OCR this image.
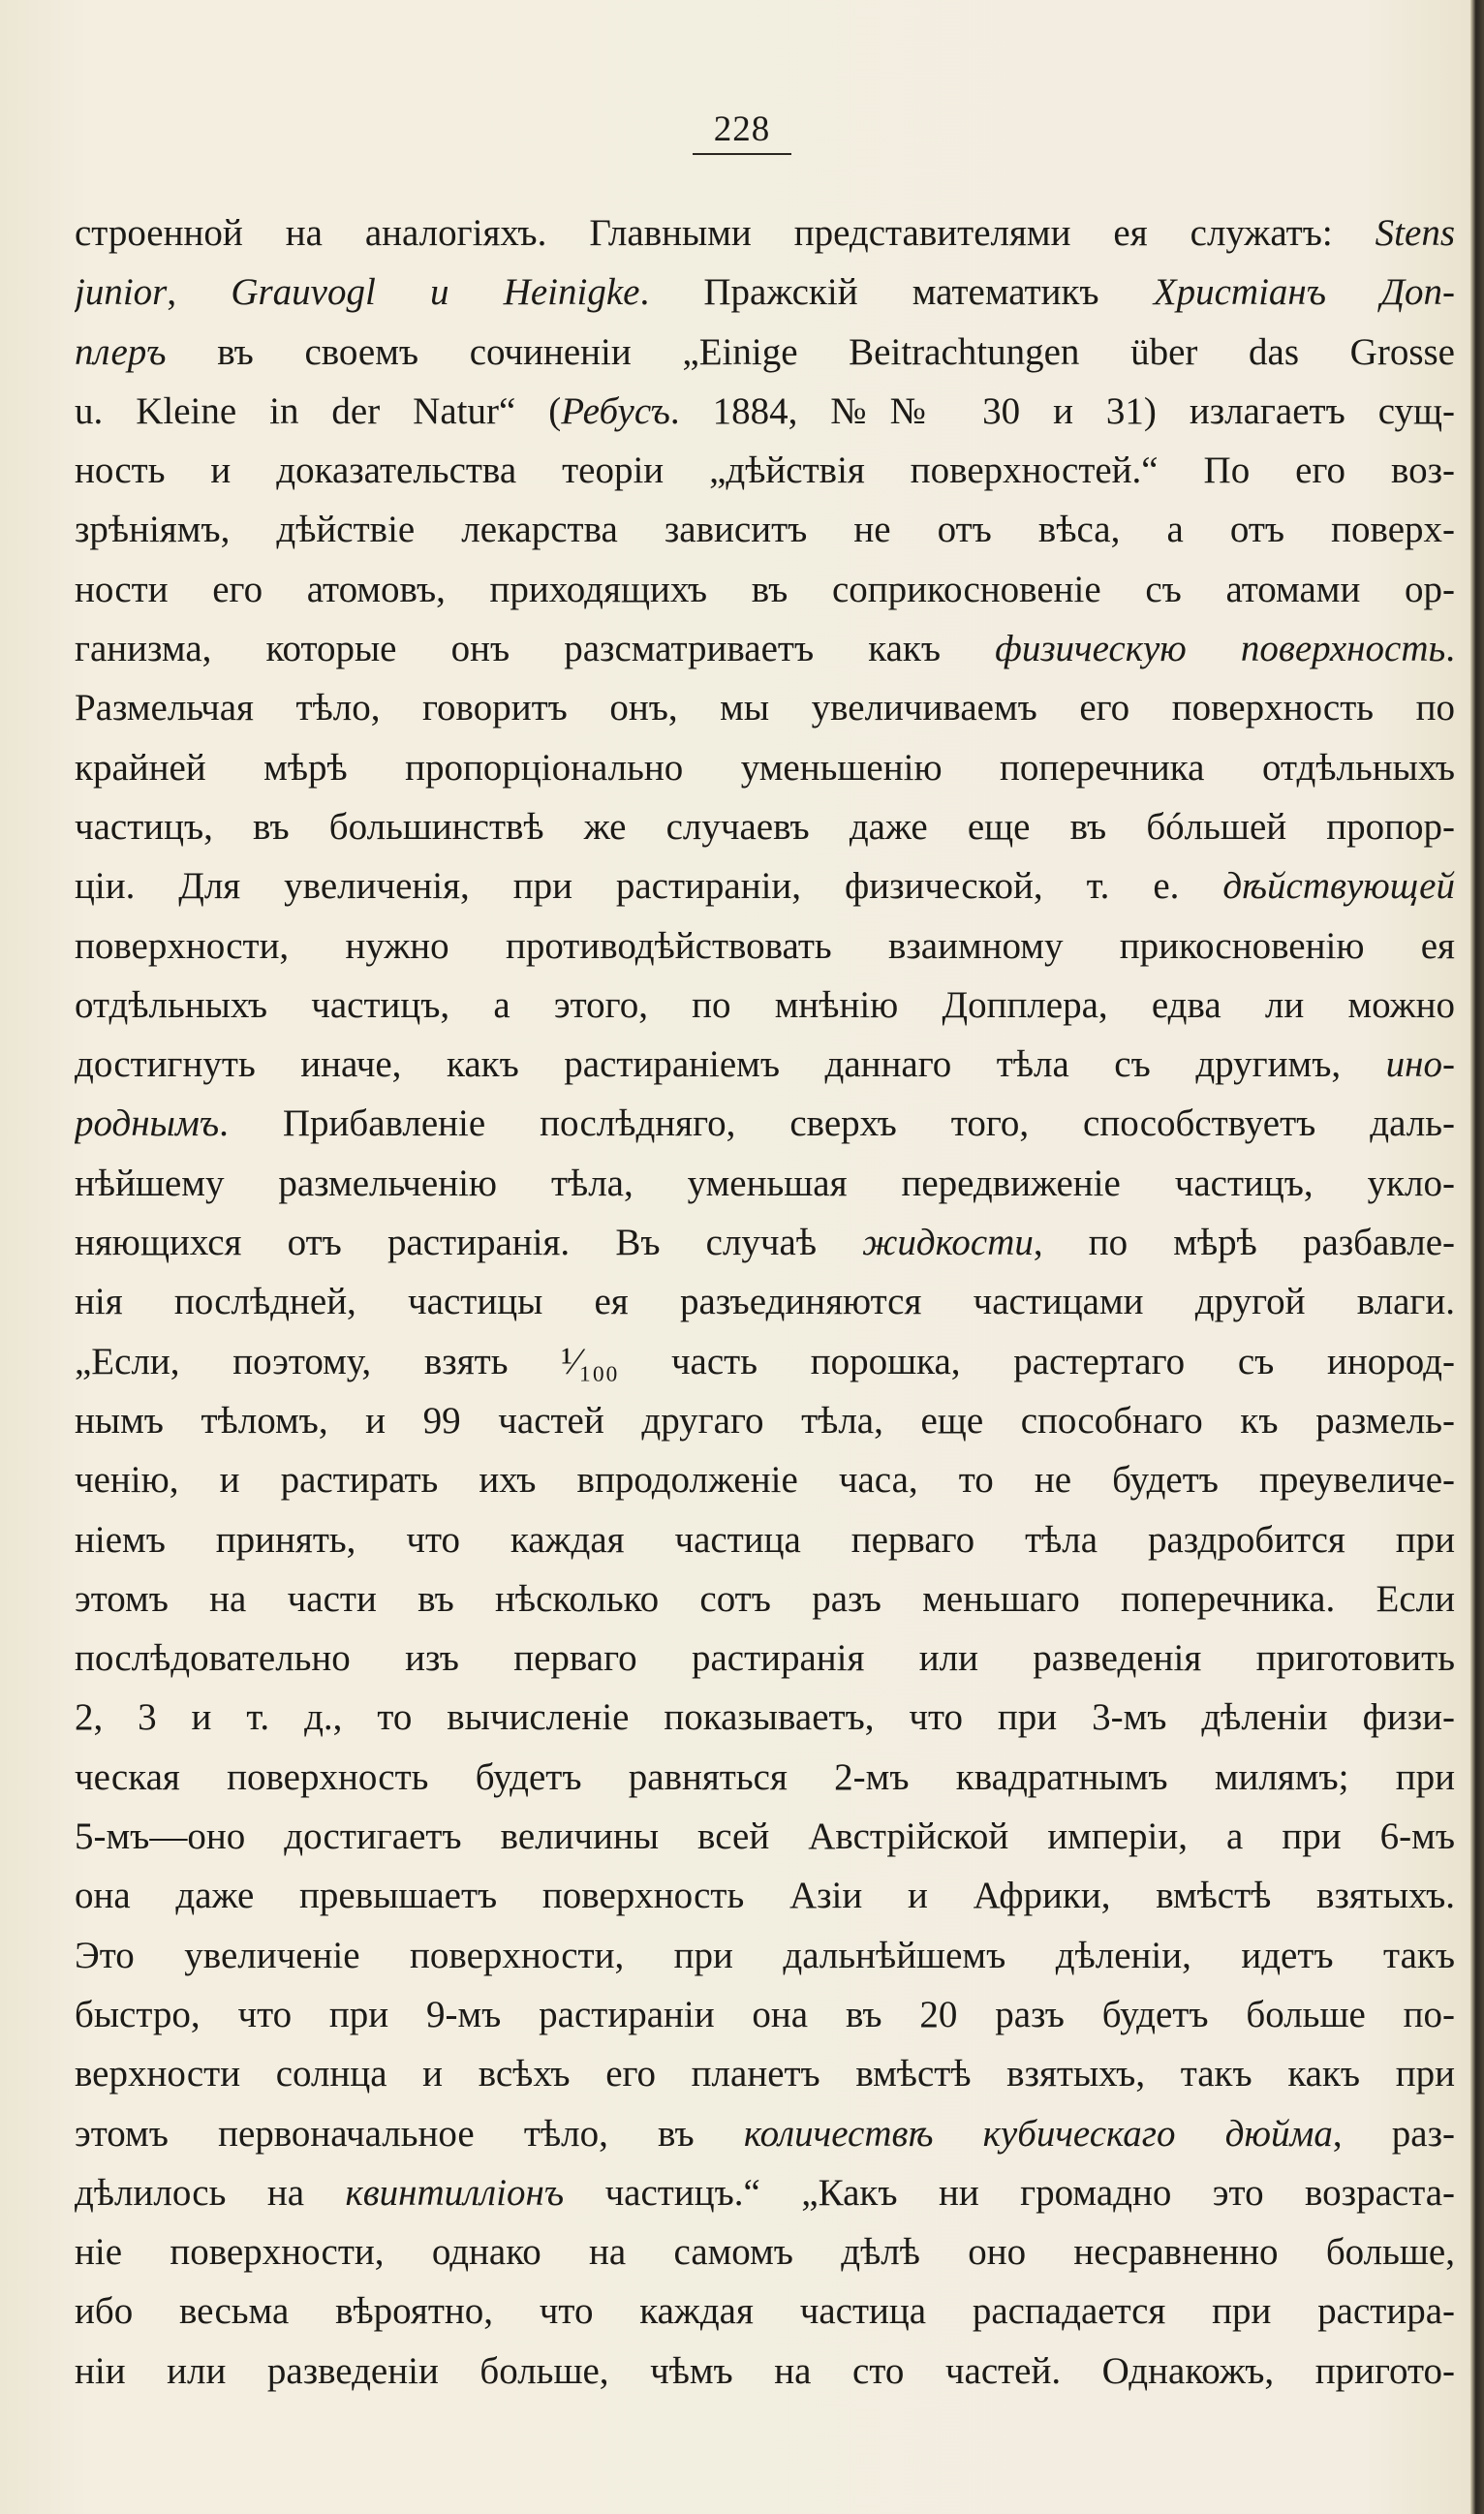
228
строенной на аналогіяхъ. Главными представителями ея служатъ: Stens
junior, Grauvogl и Heinigke. Пражскій математикъ Христіанъ Доп-
плеръ въ своемъ сочиненіи „Einige Beitrachtungen über das Grosse
u. Kleine in der Natur“ (Ребусъ. 1884, №№ 30 и 31) излагаетъ сущ-
ность и доказательства теоріи „дѣйствія поверхностей.“ По его воз-
зрѣніямъ, дѣйствіе лекарства зависитъ не отъ вѣса, а отъ поверх-
ности его атомовъ, приходящихъ въ соприкосновеніе съ атомами ор-
ганизма, которые онъ разсматриваетъ какъ физическую поверхность.
Размельчая тѣло, говоритъ онъ, мы увеличиваемъ его поверхность по
крайней мѣрѣ пропорціонально уменьшенію поперечника отдѣльныхъ
частицъ, въ большинствѣ же случаевъ даже еще въ бóльшей пропор-
ціи. Для увеличенія, при растираніи, физической, т. е. дѣйствующей
поверхности, нужно противодѣйствовать взаимному прикосновенію ея
отдѣльныхъ частицъ, а этого, по мнѣнію Допплера, едва ли можно
достигнуть иначе, какъ растираніемъ даннаго тѣла съ другимъ, ино-
роднымъ. Прибавленіе послѣдняго, сверхъ того, способствуетъ даль-
нѣйшему размельченію тѣла, уменьшая передвиженіе частицъ, укло-
няющихся отъ растиранія. Въ случаѣ жидкости, по мѣрѣ разбавле-
нія послѣдней, частицы ея разъединяются частицами другой влаги.
„Если, поэтому, взять ¹⁄₁₀₀ часть порошка, растертаго съ инород-
нымъ тѣломъ, и 99 частей другаго тѣла, еще способнаго къ размель-
ченію, и растирать ихъ впродолженіе часа, то не будетъ преувеличе-
ніемъ принять, что каждая частица перваго тѣла раздробится при
этомъ на части въ нѣсколько сотъ разъ меньшаго поперечника. Если
послѣдовательно изъ перваго растиранія или разведенія приготовить
2, 3 и т. д., то вычисленіе показываетъ, что при 3-мъ дѣленіи физи-
ческая поверхность будетъ равняться 2-мъ квадратнымъ милямъ; при
5-мъ—оно достигаетъ величины всей Австрійской имперіи, а при 6-мъ
она даже превышаетъ поверхность Азіи и Африки, вмѣстѣ взятыхъ.
Это увеличеніе поверхности, при дальнѣйшемъ дѣленіи, идетъ такъ
быстро, что при 9-мъ растираніи она въ 20 разъ будетъ больше по-
верхности солнца и всѣхъ его планетъ вмѣстѣ взятыхъ, такъ какъ при
этомъ первоначальное тѣло, въ количествѣ кубическаго дюйма, раз-
дѣлилось на квинтилліонъ частицъ.“ „Какъ ни громадно это возраста-
ніе поверхности, однако на самомъ дѣлѣ оно несравненно больше,
ибо весьма вѣроятно, что каждая частица распадается при растира-
ніи или разведеніи больше, чѣмъ на сто частей. Однакожъ, пригото-
